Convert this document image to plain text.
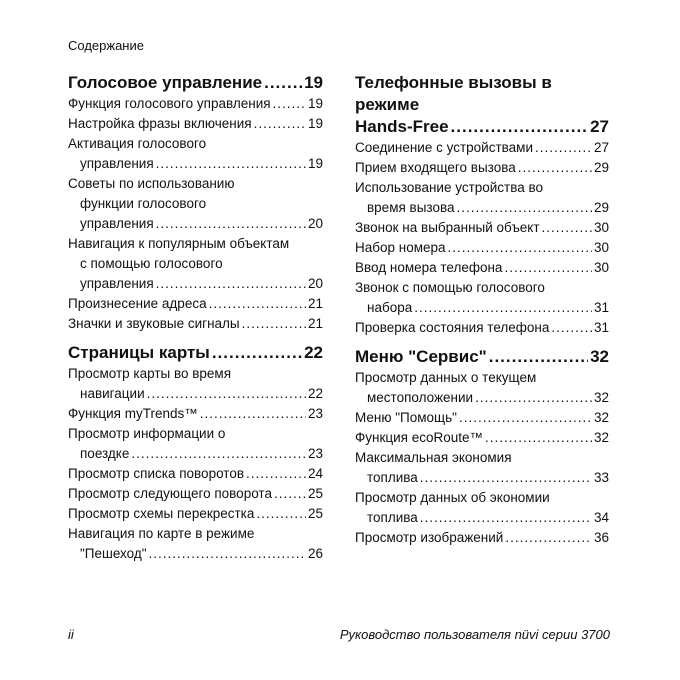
Содержание
Голосовое управление ..... 19
Функция голосового управления .....	19
Настройка фразы включения .....	19
Активация голосового
управления .....	19
Советы по использованию
функции голосового
управления .....	20
Навигация к популярным объектам
с помощью голосового
управления .....	20
Произнесение адреса .....	21
Значки и звуковые сигналы .....	21
Страницы карты .....	22
Просмотр карты во время
навигации .....	22
Функция myTrends™ .....	23
Просмотр информации о
поездке .....	23
Просмотр списка поворотов .....	24
Просмотр следующего поворота .....	25
Просмотр схемы перекрестка .....	25
Навигация по карте в режиме
"Пешеход" .....	26
Телефонные вызовы в режиме
Hands-Free .....	27
Соединение с устройствами .....	27
Прием входящего вызова .....	29
Использование устройства во
время вызова .....	29
Звонок на выбранный объект .....	30
Набор номера .....	30
Ввод номера телефона .....	30
Звонок с помощью голосового
набора .....	31
Проверка состояния телефона .....	31
Меню "Сервис" .....	32
Просмотр данных о текущем
местоположении .....	32
Меню "Помощь" .....	32
Функция ecoRoute™ .....	32
Максимальная экономия
топлива .....	33
Просмотр данных об экономии
топлива .....	34
Просмотр изображений .....	36
ii	Руководство пользователя nüvi серии 3700
